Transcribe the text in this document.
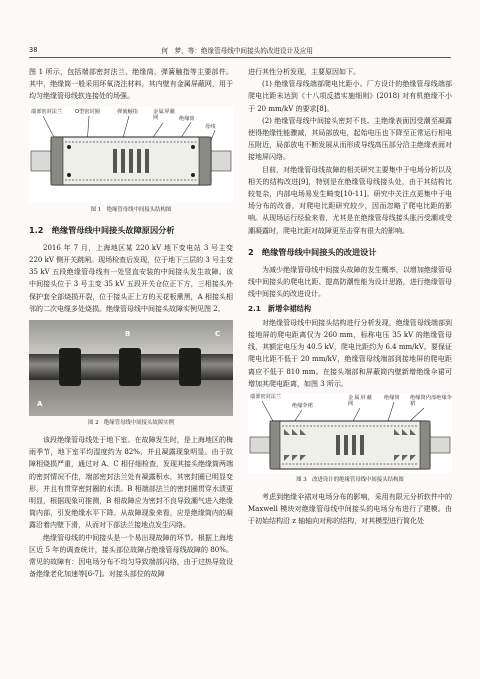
38	何　梦，等：绝缘管母线中间接头的改进设计及应用

图 1 所示，包括端部密封法兰、绝缘筒、弹簧触指等主要部件。其中，绝缘筒一般采用环氧浇注材料，其内壁有金属屏蔽网，用于均匀绝缘管母线软连接处的场强。

端部密封法兰 O型密封圈	弹簧触指	金属屏蔽网	绝缘筒
母线
图 1　绝缘管母线中间接头结构图
1.2　绝缘管母线中间接头故障原因分析

2016 年 7 月，上海地区某 220 kV 地下变电站 3 号主变 220 kV 侧开关跳闸。现场检查后发现，位于地下三层的 3 号主变 35 kV 五段绝缘管母线有一处竖直安装的中间接头发生故障。该中间接头位于 3 号主变 35 kV 五段开关仓位正下方，三相接头外保护套全部烧损开裂，位于接头正上方的天花板熏黑，A 相接头相邻的二次电缆多处烧损。绝缘管母线中间接头故障实例见图 2。

A
B	C
图 2　绝缘管母线中间接头故障实例

该段绝缘管母线处于地下室。在故障发生时，是上海地区的梅雨季节，地下室平均湿度约为 82%，并且凝露现象明显。由于故障相烧损严重，通过对 A、C 相仔细检查，发现其接头绝缘筒两端的密封情况不佳，端部密封法兰处有凝露积水，其密封圈已明显变形，并且有贯穿密封圈的水渍。B 相端部法兰的密封圈贯穿水渍更明显，根据现象可推测，B 相故障应为密封不良导致潮气进入绝缘筒内部，引发绝缘水平下降。从故障现象来看，应是绝缘筒内的凝露沿着内壁下滑，从而对下部法兰接地点发生闪络。

绝缘管母线的中间接头是一个易出现故障的环节。根据上海地区近 5 年的调查统计，接头部位故障占绝缘管母线故障的 80%。常见的故障有：因电场分布不均匀导致端部闪络，由于过热导致设备绝缘老化加速等[6-7]。对接头部位的故障

进行其性分析发现，主要原因如下。

(1) 绝缘管母线端部爬电比距小。厂方设计的绝缘管母线端部爬电比距未达到《十八项反措实施细则》(2018) 对有机绝缘不小于 20 mm/kV 的要求[8]。

(2) 绝缘管母线中间接头密封不良。主绝缘表面因受潮至凝露使得绝缘性能骤减，其局部放电，起始电压也下降至正常运行相电压附近，局部放电不断发展从而形成导线高压部分沿主绝缘表面对接地屏闪络。

目前，对绝缘管母线故障的相关研究主要集中于电场分析以及相关的结构改进[9]，特别是在绝缘管母线接头处，由于其结构比较复杂，内部电场易发生畸变[10-11]。研究中关注点更集中于电场分布的改善，对爬电比距研究较少，因而忽略了爬电比距的影响。从现场运行经验来看，尤其是在绝缘管母线接头胀污受潮或受潮凝露时，爬电比距对故障更至击穿有很大的影响。

2　绝缘管母线中间接头的改进设计

为减少绝缘管母线中间接头故障的发生概率，以增加绝缘管母线中间接头的爬电比距、提高防潮性能为设计思路，进行绝缘管母线中间接头的改进设计。

2.1　新增伞裙结构

对绝缘管母线中间接头结构进行分析发现，绝缘管母线端部到接地屏的爬电距离仅为 260 mm，标称电压 35 kV 的绝缘管母线，其额定电压为 40.5 kV，爬电比距约为 6.4 mm/kV。要保证爬电比距不低于 20 mm/kV，绝缘管母线端部到接地屏的爬电距离应不低于 810 mm。在接头端部和屏蔽筒内壁新增绝缘伞裙可增加其爬电距离，如图 3 所示。

端部密封法兰
绝缘伞裙
金属屏蔽网
绝缘筒 绝缘筒内部绝缘伞裙
图 3　改进设计的绝缘管母线中间接头结构图

考虑到绝缘伞裙对电场分布的影响，采用有限元分析软件中的 Maxwell 模块对绝缘管母线中间接头的电场分布进行了建模。由于初始结构沿 z 轴轴向对称的结构，对其模型进行简化处
